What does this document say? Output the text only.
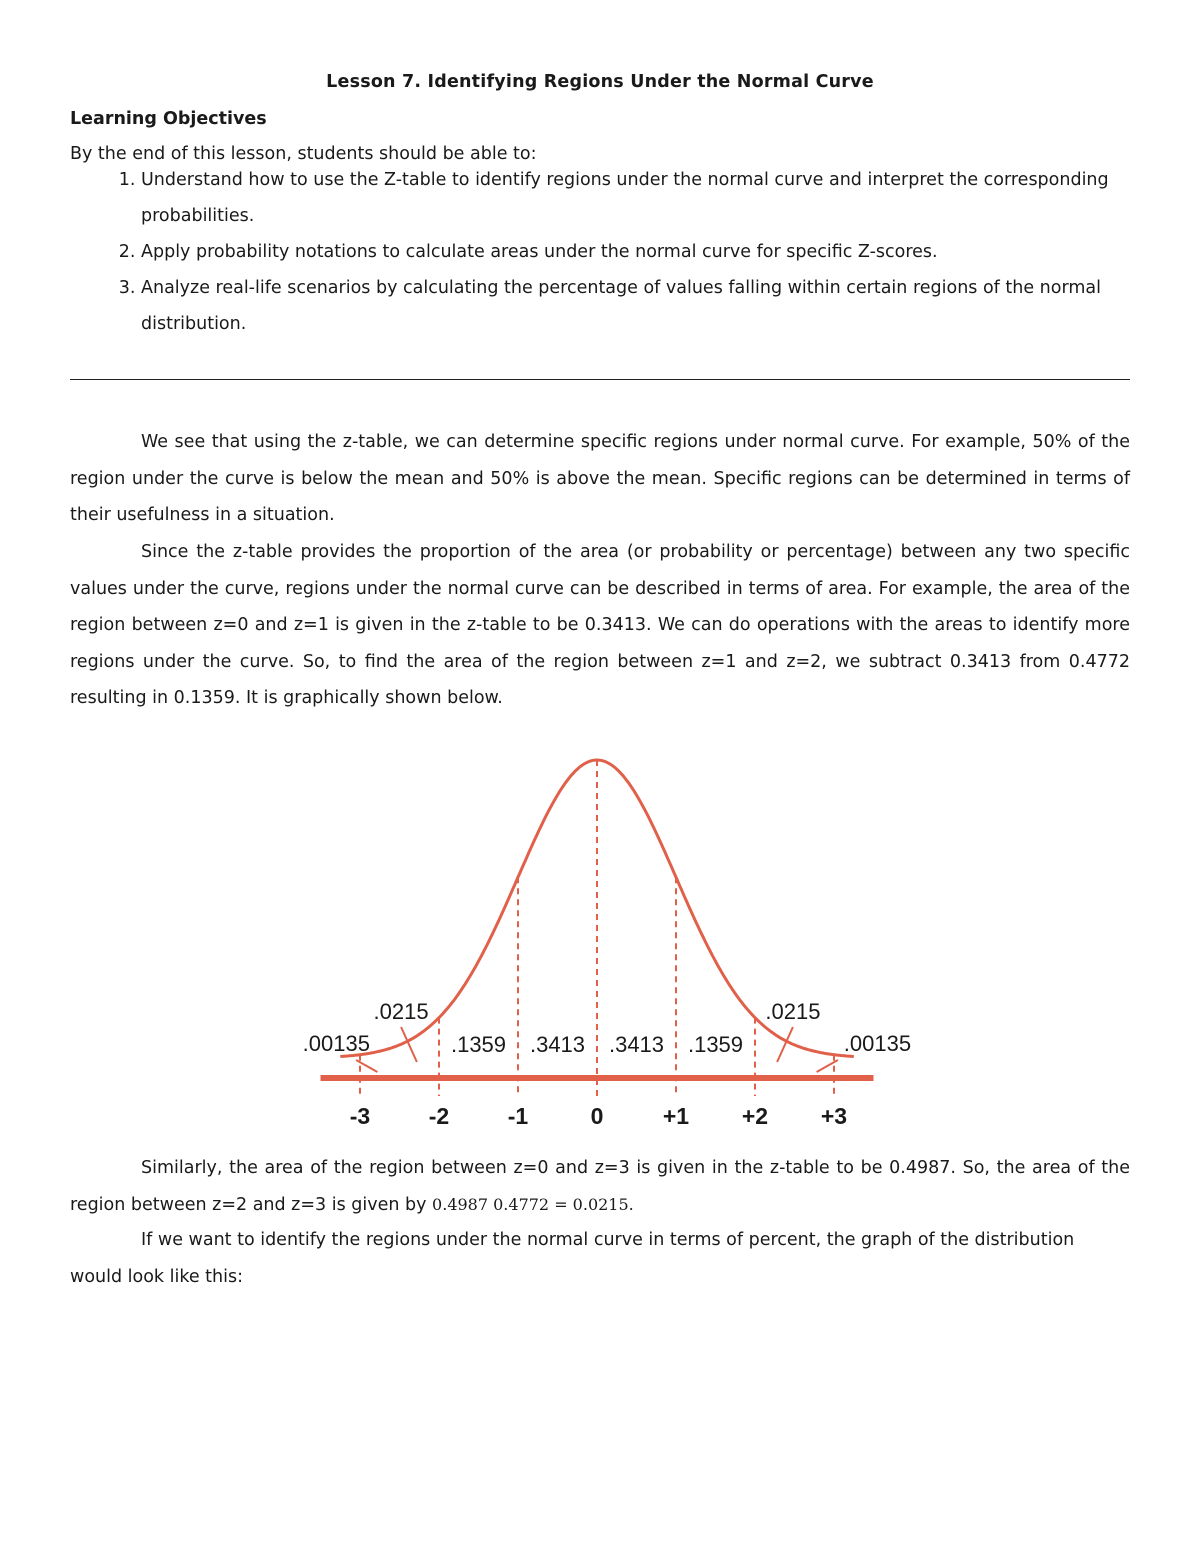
Lesson 7. Identifying Regions Under the Normal Curve
Learning Objectives
By the end of this lesson, students should be able to:
1. Understand how to use the Z-table to identify regions under the normal curve and interpret the corresponding probabilities.
2. Apply probability notations to calculate areas under the normal curve for specific Z-scores.
3. Analyze real-life scenarios by calculating the percentage of values falling within certain regions of the normal distribution.

We see that using the z-table, we can determine specific regions under normal curve. For example, 50% of the region under the curve is below the mean and 50% is above the mean. Specific regions can be determined in terms of their usefulness in a situation.

Since the z-table provides the proportion of the area (or probability or percentage) between any two specific values under the curve, regions under the normal curve can be described in terms of area. For example, the area of the region between z=0 and z=1 is given in the z-table to be 0.3413. We can do operations with the areas to identify more regions under the curve. So, to find the area of the region between z=1 and z=2, we subtract 0.3413 from 0.4772 resulting in 0.1359. It is graphically shown below.

Similarly, the area of the region between z=0 and z=3 is given in the z-table to be 0.4987. So, the area of the region between z=2 and z=3 is given by 0.4987 0.4772 = 0.0215.

If we want to identify the regions under the normal curve in terms of percent, the graph of the distribution would look like this:

-3	-2	-1	0	+1 +2 +3
.1359 .3413 .3413 .1359
.0215	.0215
.00135	.00135
